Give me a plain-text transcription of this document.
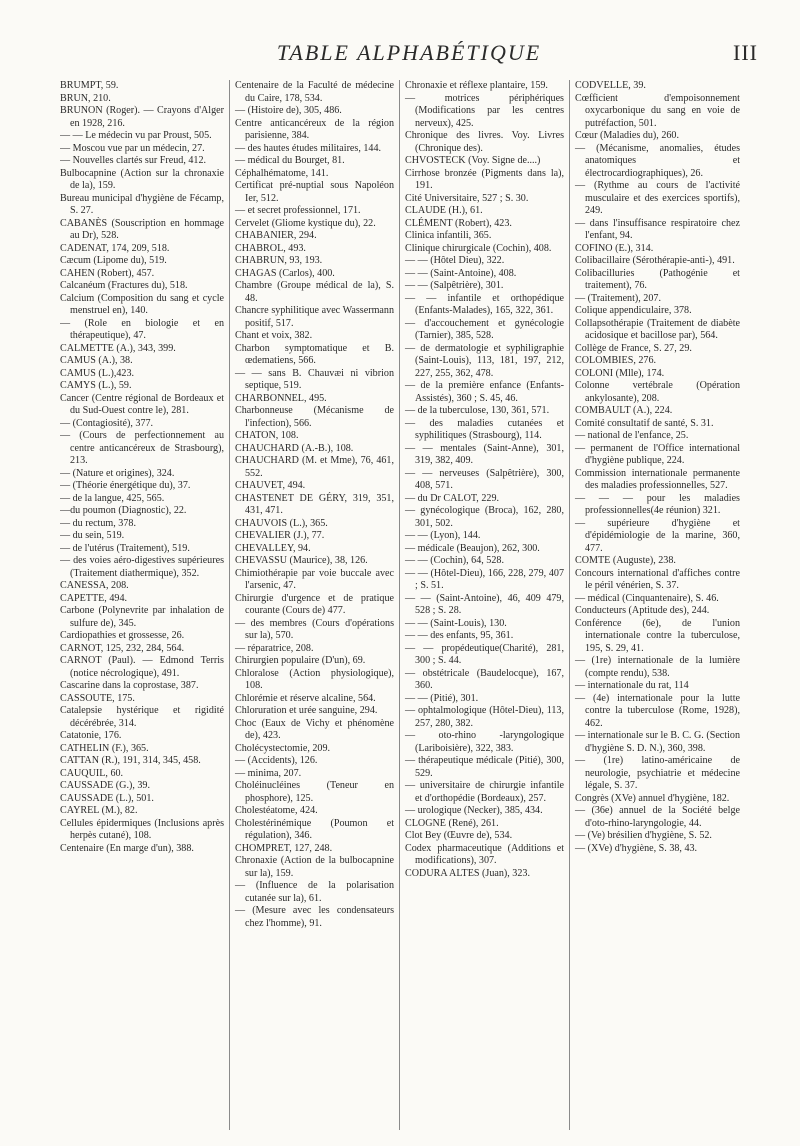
TABLE ALPHABÉTIQUE	III
BRUMPT, 59.
BRUN, 210.
BRUNON (Roger). — Crayons d'Alger en 1928, 216.
— — Le médecin vu par Proust, 505.
— Moscou vue par un médecin, 27.
— Nouvelles clartés sur Freud, 412.
Bulbocapnine (Action sur la chronaxie de la), 159.
Bureau municipal d'hygiène de Fécamp, S. 27.
CABANÈS (Souscription en hommage au Dr), 528.
CADENAT, 174, 209, 518.
Cæcum (Lipome du), 519.
CAHEN (Robert), 457.
Calcanéum (Fractures du), 518.
Calcium (Composition du sang et cycle menstruel en), 140.
— (Role en biologie et en thérapeutique), 47.
CALMETTE (A.), 343, 399.
CAMUS (A.), 38.
CAMUS (L.),423.
CAMYS (L.), 59.
Cancer (Centre régional de Bordeaux et du Sud-Ouest contre le), 281.
— (Contagiosité), 377.
— (Cours de perfectionnement au centre anticancéreux de Strasbourg), 213.
— (Nature et origines), 324.
— (Théorie énergétique du), 37.
— de la langue, 425, 565.
—du poumon (Diagnostic), 22.
— du rectum, 378.
— du sein, 519.
— de l'utérus (Traitement), 519.
— des voies aéro-digestives supérieures (Traitement diathermique), 352.
CANESSA, 208.
CAPETTE, 494.
Carbone (Polynevrite par inhalation de sulfure de), 345.
Cardiopathies et grossesse, 26.
CARNOT, 125, 232, 284, 564.
CARNOT (Paul). — Edmond Terris (notice nécrologique), 491.
Cascarine dans la coprostase, 387.
CASSOUTE, 175.
Catalepsie hystérique et rigidité décérébrée, 314.
Catatonie, 176.
CATHELIN (F.), 365.
CATTAN (R.), 191, 314, 345, 458.
CAUQUIL, 60.
CAUSSADE (G.), 39.
CAUSSADE (L.), 501.
CAYREL (M.), 82.
Cellules épidermiques (Inclusions après herpès cutané), 108.
Centenaire (En marge d'un), 388.
Centenaire de la Faculté de médecine du Caire, 178, 534.
— (Histoire de), 305, 486.
Centre anticancéreux de la région parisienne, 384.
— des hautes études militaires, 144.
— médical du Bourget, 81.
Céphalhématome, 141.
Certificat pré-nuptial sous Napoléon Ier, 512.
— et secret professionnel, 171.
Cervelet (Gliome kystique du), 22.
CHABANIER, 294.
CHABROL, 493.
CHABRUN, 93, 193.
CHAGAS (Carlos), 400.
Chambre (Groupe médical de la), S. 48.
Chancre syphilitique avec Wassermann positif, 517.
Chant et voix, 382.
Charbon symptomatique et B. œdematiens, 566.
— — sans B. Chauvæi ni vibrion septique, 519.
CHARBONNEL, 495.
Charbonneuse (Mécanisme de l'infection), 566.
CHATON, 108.
CHAUCHARD (A.-B.), 108.
CHAUCHARD (M. et Mme), 76, 461, 552.
CHAUVET, 494.
CHASTENET DE GÉRY, 319, 351, 431, 471.
CHAUVOIS (L.), 365.
CHEVALIER (J.), 77.
CHEVALLEY, 94.
CHEVASSU (Maurice), 38, 126.
Chimiothérapie par voie buccale avec l'arsenic, 47.
Chirurgie d'urgence et de pratique courante (Cours de) 477.
— des membres (Cours d'opérations sur la), 570.
— réparatrice, 208.
Chirurgien populaire (D'un), 69.
Chloralose (Action physiologique), 108.
Chlorémie et réserve alcaline, 564.
Chloruration et urée sanguine, 294.
Choc (Eaux de Vichy et phénomène de), 423.
Cholécystectomie, 209.
— (Accidents), 126.
— minima, 207.
Choléinucléines (Teneur en phosphore), 125.
Cholestéatome, 424.
Cholestérinémique (Poumon et régulation), 346.
CHOMPRET, 127, 248.
Chronaxie (Action de la bulbocapnine sur la), 159.
— (Influence de la polarisation cutanée sur la), 61.
— (Mesure avec les condensateurs chez l'homme), 91.
Chronaxie et réflexe plantaire, 159.
— motrices périphériques (Modifications par les centres nerveux), 425.
Chronique des livres. Voy. Livres (Chronique des).
CHVOSTECK (Voy. Signe de....)
Cirrhose bronzée (Pigments dans la), 191.
Cité Universitaire, 527 ; S. 30.
CLAUDE (H.), 61.
CLÉMENT (Robert), 423.
Clinica infantili, 365.
Clinique chirurgicale (Cochin), 408.
— — (Hôtel Dieu), 322.
— — (Saint-Antoine), 408.
— — (Salpêtrière), 301.
— — infantile et orthopédique (Enfants-Malades), 165, 322, 361.
— d'accouchement et gynécologie (Tarnier), 385, 528.
— de dermatologie et syphiligraphie (Saint-Louis), 113, 181, 197, 212, 227, 255, 362, 478.
— de la première enfance (Enfants-Assistés), 360 ; S. 45, 46.
— de la tuberculose, 130, 361, 571.
— des maladies cutanées et syphilitiques (Strasbourg), 114.
— — mentales (Saint-Anne), 301, 319, 382, 409.
— — nerveuses (Salpêtrière), 300, 408, 571.
— du Dr CALOT, 229.
— gynécologique (Broca), 162, 280, 301, 502.
— — (Lyon), 144.
— médicale (Beaujon), 262, 300.
— — (Cochin), 64, 528.
— — (Hôtel-Dieu), 166, 228, 279, 407 ; S. 51.
— — (Saint-Antoine), 46, 409 479, 528 ; S. 28.
— — (Saint-Louis), 130.
— — des enfants, 95, 361.
— — propédeutique(Charité), 281, 300 ; S. 44.
— obstétricale (Baudelocque), 167, 360.
— — (Pitié), 301.
— ophtalmologique (Hôtel-Dieu), 113, 257, 280, 382.
— oto-rhino -laryngologique (Lariboisière), 322, 383.
— thérapeutique médicale (Pitié), 300, 529.
— universitaire de chirurgie infantile et d'orthopédie (Bordeaux), 257.
— urologique (Necker), 385, 434.
CLOGNE (René), 261.
Clot Bey (Œuvre de), 534.
Codex pharmaceutique (Additions et modifications), 307.
CODURA ALTES (Juan), 323.
CODVELLE, 39.
Cœfficient d'empoisonnement oxycarbonique du sang en voie de putréfaction, 501.
Cœur (Maladies du), 260.
— (Mécanisme, anomalies, études anatomiques et électrocardiographiques), 26.
— (Rythme au cours de l'activité musculaire et des exercices sportifs), 249.
— dans l'insuffisance respiratoire chez l'enfant, 94.
COFINO (E.), 314.
Colibacillaire (Sérothérapie-anti-), 491.
Colibacilluries (Pathogénie et traitement), 76.
— (Traitement), 207.
Colique appendiculaire, 378.
Collapsothérapie (Traitement de diabète acidosique et bacillose par), 564.
Collège de France, S. 27, 29.
COLOMBIES, 276.
COLONI (Mlle), 174.
Colonne vertébrale (Opération ankylosante), 208.
COMBAULT (A.), 224.
Comité consultatif de santé, S. 31.
— national de l'enfance, 25.
— permanent de l'Office international d'hygiène publique, 224.
Commission internationale permanente des maladies professionnelles, 527.
— — — pour les maladies professionnelles(4e réunion) 321.
— supérieure d'hygiène et d'épidémiologie de la marine, 360, 477.
COMTE (Auguste), 238.
Concours international d'affiches contre le péril vénérien, S. 37.
— médical (Cinquantenaire), S. 46.
Conducteurs (Aptitude des), 244.
Conférence (6e), de l'union internationale contre la tuberculose, 195, S. 29, 41.
— (1re) internationale de la lumière (compte rendu), 538.
— internationale du rat, 114
— (4e) internationale pour la lutte contre la tuberculose (Rome, 1928), 462.
— internationale sur le B. C. G. (Section d'hygiène S. D. N.), 360, 398.
— (1re) latino-américaine de neurologie, psychiatrie et médecine légale, S. 37.
Congrès (XVe) annuel d'hygiène, 182.
— (36e) annuel de la Société belge d'oto-rhino-laryngologie, 44.
— (Ve) brésilien d'hygiène, S. 52.
— (XVe) d'hygiène, S. 38, 43.
